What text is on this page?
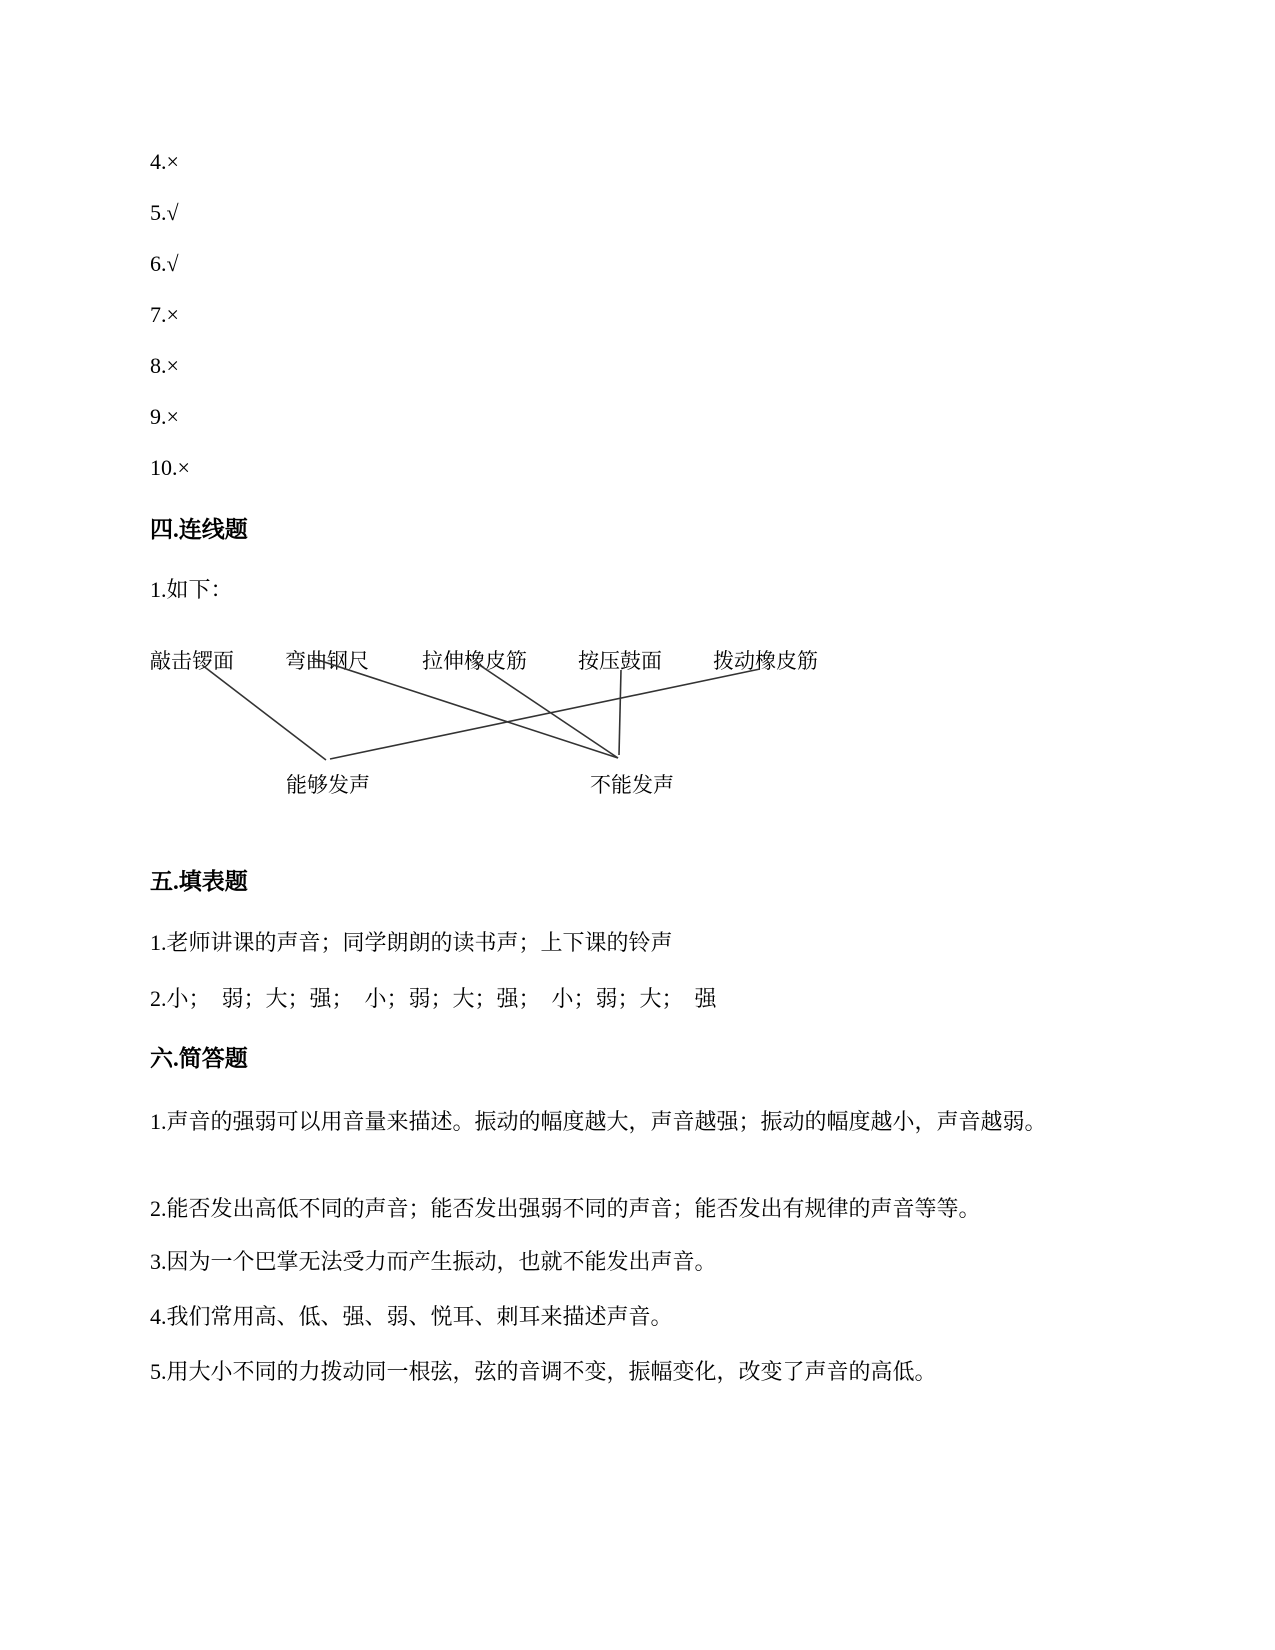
4.×
5.√
6.√
7.×
8.×
9.×
10.×
四.连线题
1.如下：
敲击锣面 弯曲钢尺	拉伸橡皮筋 按压鼓面 拨动橡皮筋
能够发声	不能发声
五.填表题
1.老师讲课的声音；同学朗朗的读书声；上下课的铃声
2.小；  弱；大；强；  小；弱；大；强；  小；弱；大；  强
六.简答题
1.声音的强弱可以用音量来描述。振动的幅度越大，声音越强；振动的幅度越小，声音越弱。
2.能否发出高低不同的声音；能否发出强弱不同的声音；能否发出有规律的声音等等。
3.因为一个巴掌无法受力而产生振动，也就不能发出声音。
4.我们常用高、低、强、弱、悦耳、刺耳来描述声音。
5.用大小不同的力拨动同一根弦，弦的音调不变，振幅变化，改变了声音的高低。
